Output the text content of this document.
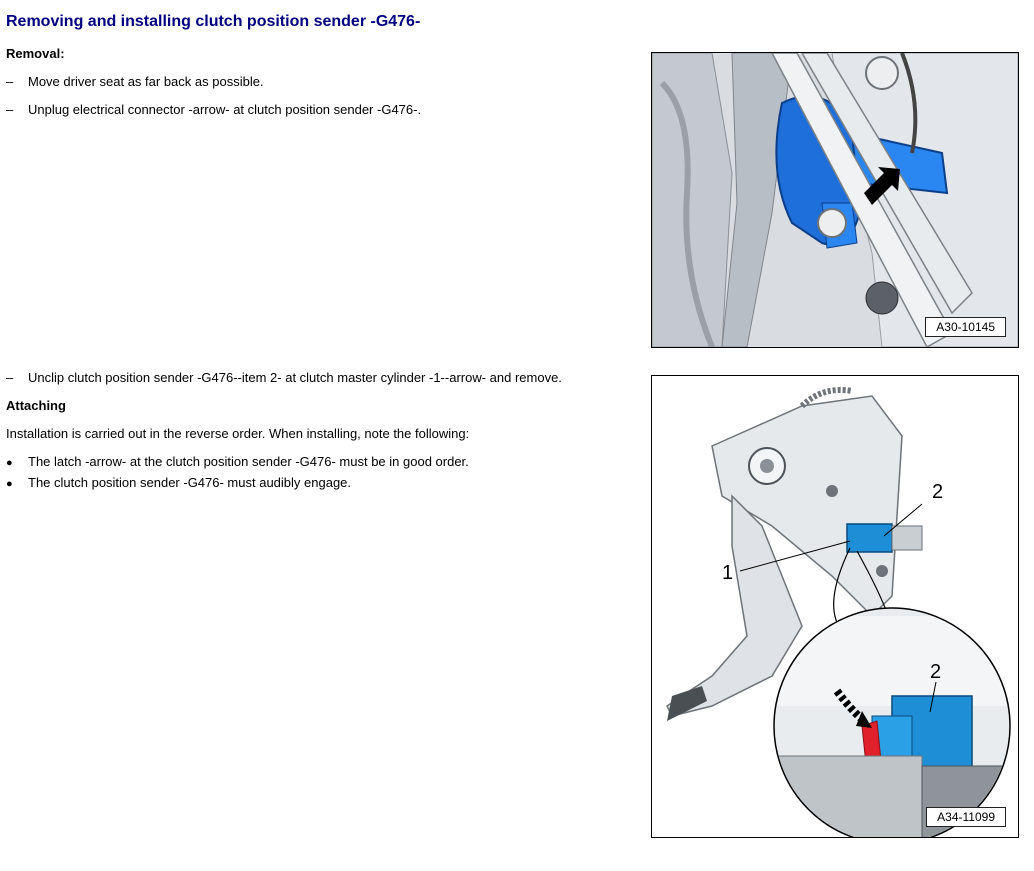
Removing and installing clutch position sender -G476-
Removal:
– Move driver seat as far back as possible.
– Unplug electrical connector -arrow- at clutch position sender -G476-.
– Unclip clutch position sender -G476--item 2- at clutch master cylinder -1--arrow- and remove.
Attaching
Installation is carried out in the reverse order. When installing, note the following:
● The latch -arrow- at the clutch position sender -G476- must be in good order.
● The clutch position sender -G476- must audibly engage.
A30-10145
2
1
2
A34-11099
